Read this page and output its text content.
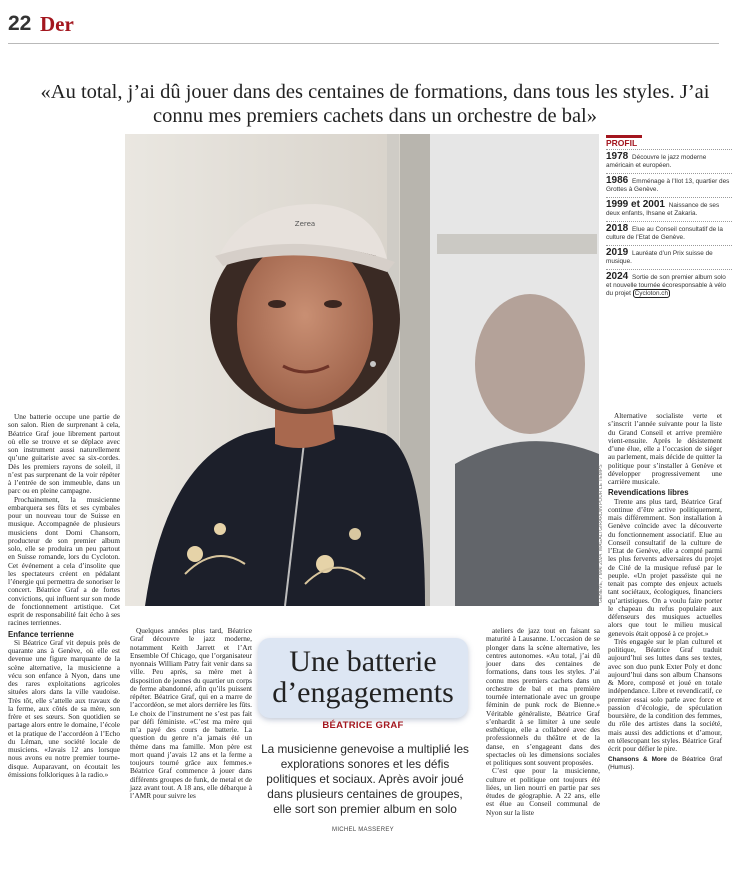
22 Der
«Au total, j’ai dû jouer dans des centaines de formations, dans tous les styles. J’ai connu mes premiers cachets dans un orchestre de bal»
Zerea
GENÈVE, 7 MAI 2024. MAGALI GIRARDIN POUR LE TEMPS
PROFIL
1978 Découvre le jazz moderne américain et européen.
1986 Emménage à l’Ilot 13, quartier des Grottes à Genève.
1999 et 2001 Naissance de ses deux enfants, Ihsane et Zakaria.
2018 Elue au Conseil consultatif de la culture de l’Etat de Genève.
2019 Lauréate d’un Prix suisse de musique.
2024 Sortie de son premier album solo et nouvelle tournée écoresponsable à vélo du projet Cycloton.ch

Une batterie occupe une partie de son salon. Rien de surprenant à cela, Béatrice Graf joue librement partout où elle se trouve et se déplace avec son instrument aussi naturellement qu’une guitariste avec sa six-cordes. Dès les premiers rayons de soleil, il n’est pas surprenant de la voir répéter à l’entrée de son immeuble, dans un parc ou en pleine campagne.

Prochainement, la musicienne embarquera ses fûts et ses cymbales pour un nouveau tour de Suisse en musique. Accompagnée de plusieurs musiciens dont Domi Chansorn, producteur de son premier album solo, elle se produira un peu partout en Suisse romande, lors du Cycloton. Cet événement a cela d’insolite que les spectateurs créent en pédalant l’énergie qui permettra de sonoriser le concert. Béatrice Graf a de fortes convictions, qui influent sur son mode de fonctionnement artistique. Cet esprit de responsabilité fait écho à ses racines terriennes.

Enfance terrienne

Si Béatrice Graf vit depuis près de quarante ans à Genève, où elle est devenue une figure marquante de la scène alternative, la musicienne a vécu son enfance à Nyon, dans une des rares exploitations agricoles situées alors dans la ville vaudoise. Très tôt, elle s’attelle aux travaux de la ferme, aux côtés de sa mère, son frère et ses sœurs. Son quotidien se partage alors entre le domaine, l’école et la pratique de l’accordéon à l’Echo du Léman, une société locale de musiciens. «Javais 12 ans lorsque nous avons eu notre premier tourne-disque. Auparavant, on écoutait les émissions folkloriques à la radio.»

Quelques années plus tard, Béatrice Graf découvre le jazz moderne, notamment Keith Jarrett et l’Art Ensemble Of Chicago, que l’organisateur nyonnais William Patry fait venir dans sa ville. Peu après, sa mère met à disposition de jeunes du quartier un corps de ferme abandonné, afin qu’ils puissent répéter. Béatrice Graf, qui en a marre de l’accordéon, se met alors derrière les fûts. Le choix de l’instrument ne s’est pas fait par défi féministe. «C’est ma mère qui m’a payé des cours de batterie. La question du genre n’a jamais été un thème dans ma famille. Mon père est mort quand j’avais 12 ans et la ferme a toujours tourné grâce aux femmes.» Béatrice Graf commence à jouer dans différents groupes de funk, de metal et de jazz avant tout. A 18 ans, elle débarque à l’AMR pour suivre les

Une batterie d’engagements
BÉATRICE GRAF
La musicienne genevoise a multiplié les explorations sonores et les défis politiques et sociaux. Après avoir joué dans plusieurs centaines de groupes, elle sort son premier album en solo
MICHEL MASSEREY

ateliers de jazz tout en faisant sa maturité à Lausanne. L’occasion de se plonger dans la scène alternative, les centres autonomes. «Au total, j’ai dû jouer dans des centaines de formations, dans tous les styles. J’ai connu mes premiers cachets dans un orchestre de bal et ma première tournée internationale avec un groupe féminin de punk rock de Bienne.» Véritable généraliste, Béatrice Graf s’enhardit à se limiter à une seule esthétique, elle a collaboré avec des professionnels du théâtre et de la danse, en s’engageant dans des spectacles où les dimensions sociales et politiques sont souvent proposées.

C’est que pour la musicienne, culture et politique ont toujours été liées, un lien nourri en partie par ses études de géographie. A 22 ans, elle est élue au Conseil communal de Nyon sur la liste

Alternative socialiste verte et s’inscrit l’année suivante pour la liste du Grand Conseil et arrive première vient-ensuite. Après le désistement d’une élue, elle a l’occasion de siéger au parlement, mais décide de quitter la politique pour s’installer à Genève et développer progressivement une carrière musicale.

Revendications libres

Trente ans plus tard, Béatrice Graf continue d’être active politiquement, mais différemment. Son installation à Genève coïncide avec la découverte du fonctionnement associatif. Elue au Conseil consultatif de la culture de l’Etat de Genève, elle a compté parmi les plus fervents adversaires du projet de Cité de la musique refusé par le peuple. «Un projet passéiste qui ne tenait pas compte des enjeux actuels tant sociétaux, écologiques, financiers qu’artistiques. On a voulu faire porter le chapeau du refus populaire aux défenseurs des musiques actuelles alors que tout le milieu musical genevois était opposé à ce projet.»

Très engagée sur le plan culturel et politique, Béatrice Graf traduit aujourd’hui ses luttes dans ses textes, avec son duo punk Exter Poly et donc aujourd’hui dans son album Chansons & More, composé et joué en totale indépendance. Libre et revendicatif, ce premier essai solo parle avec force et passion d’écologie, de spéculation boursière, de la condition des femmes, du rôle des artistes dans la société, mais aussi des addictions et d’amour, en télescopant les styles. Béatrice Graf écrit pour défier le pire.

Chansons & More de Béatrice Graf (Humus).
